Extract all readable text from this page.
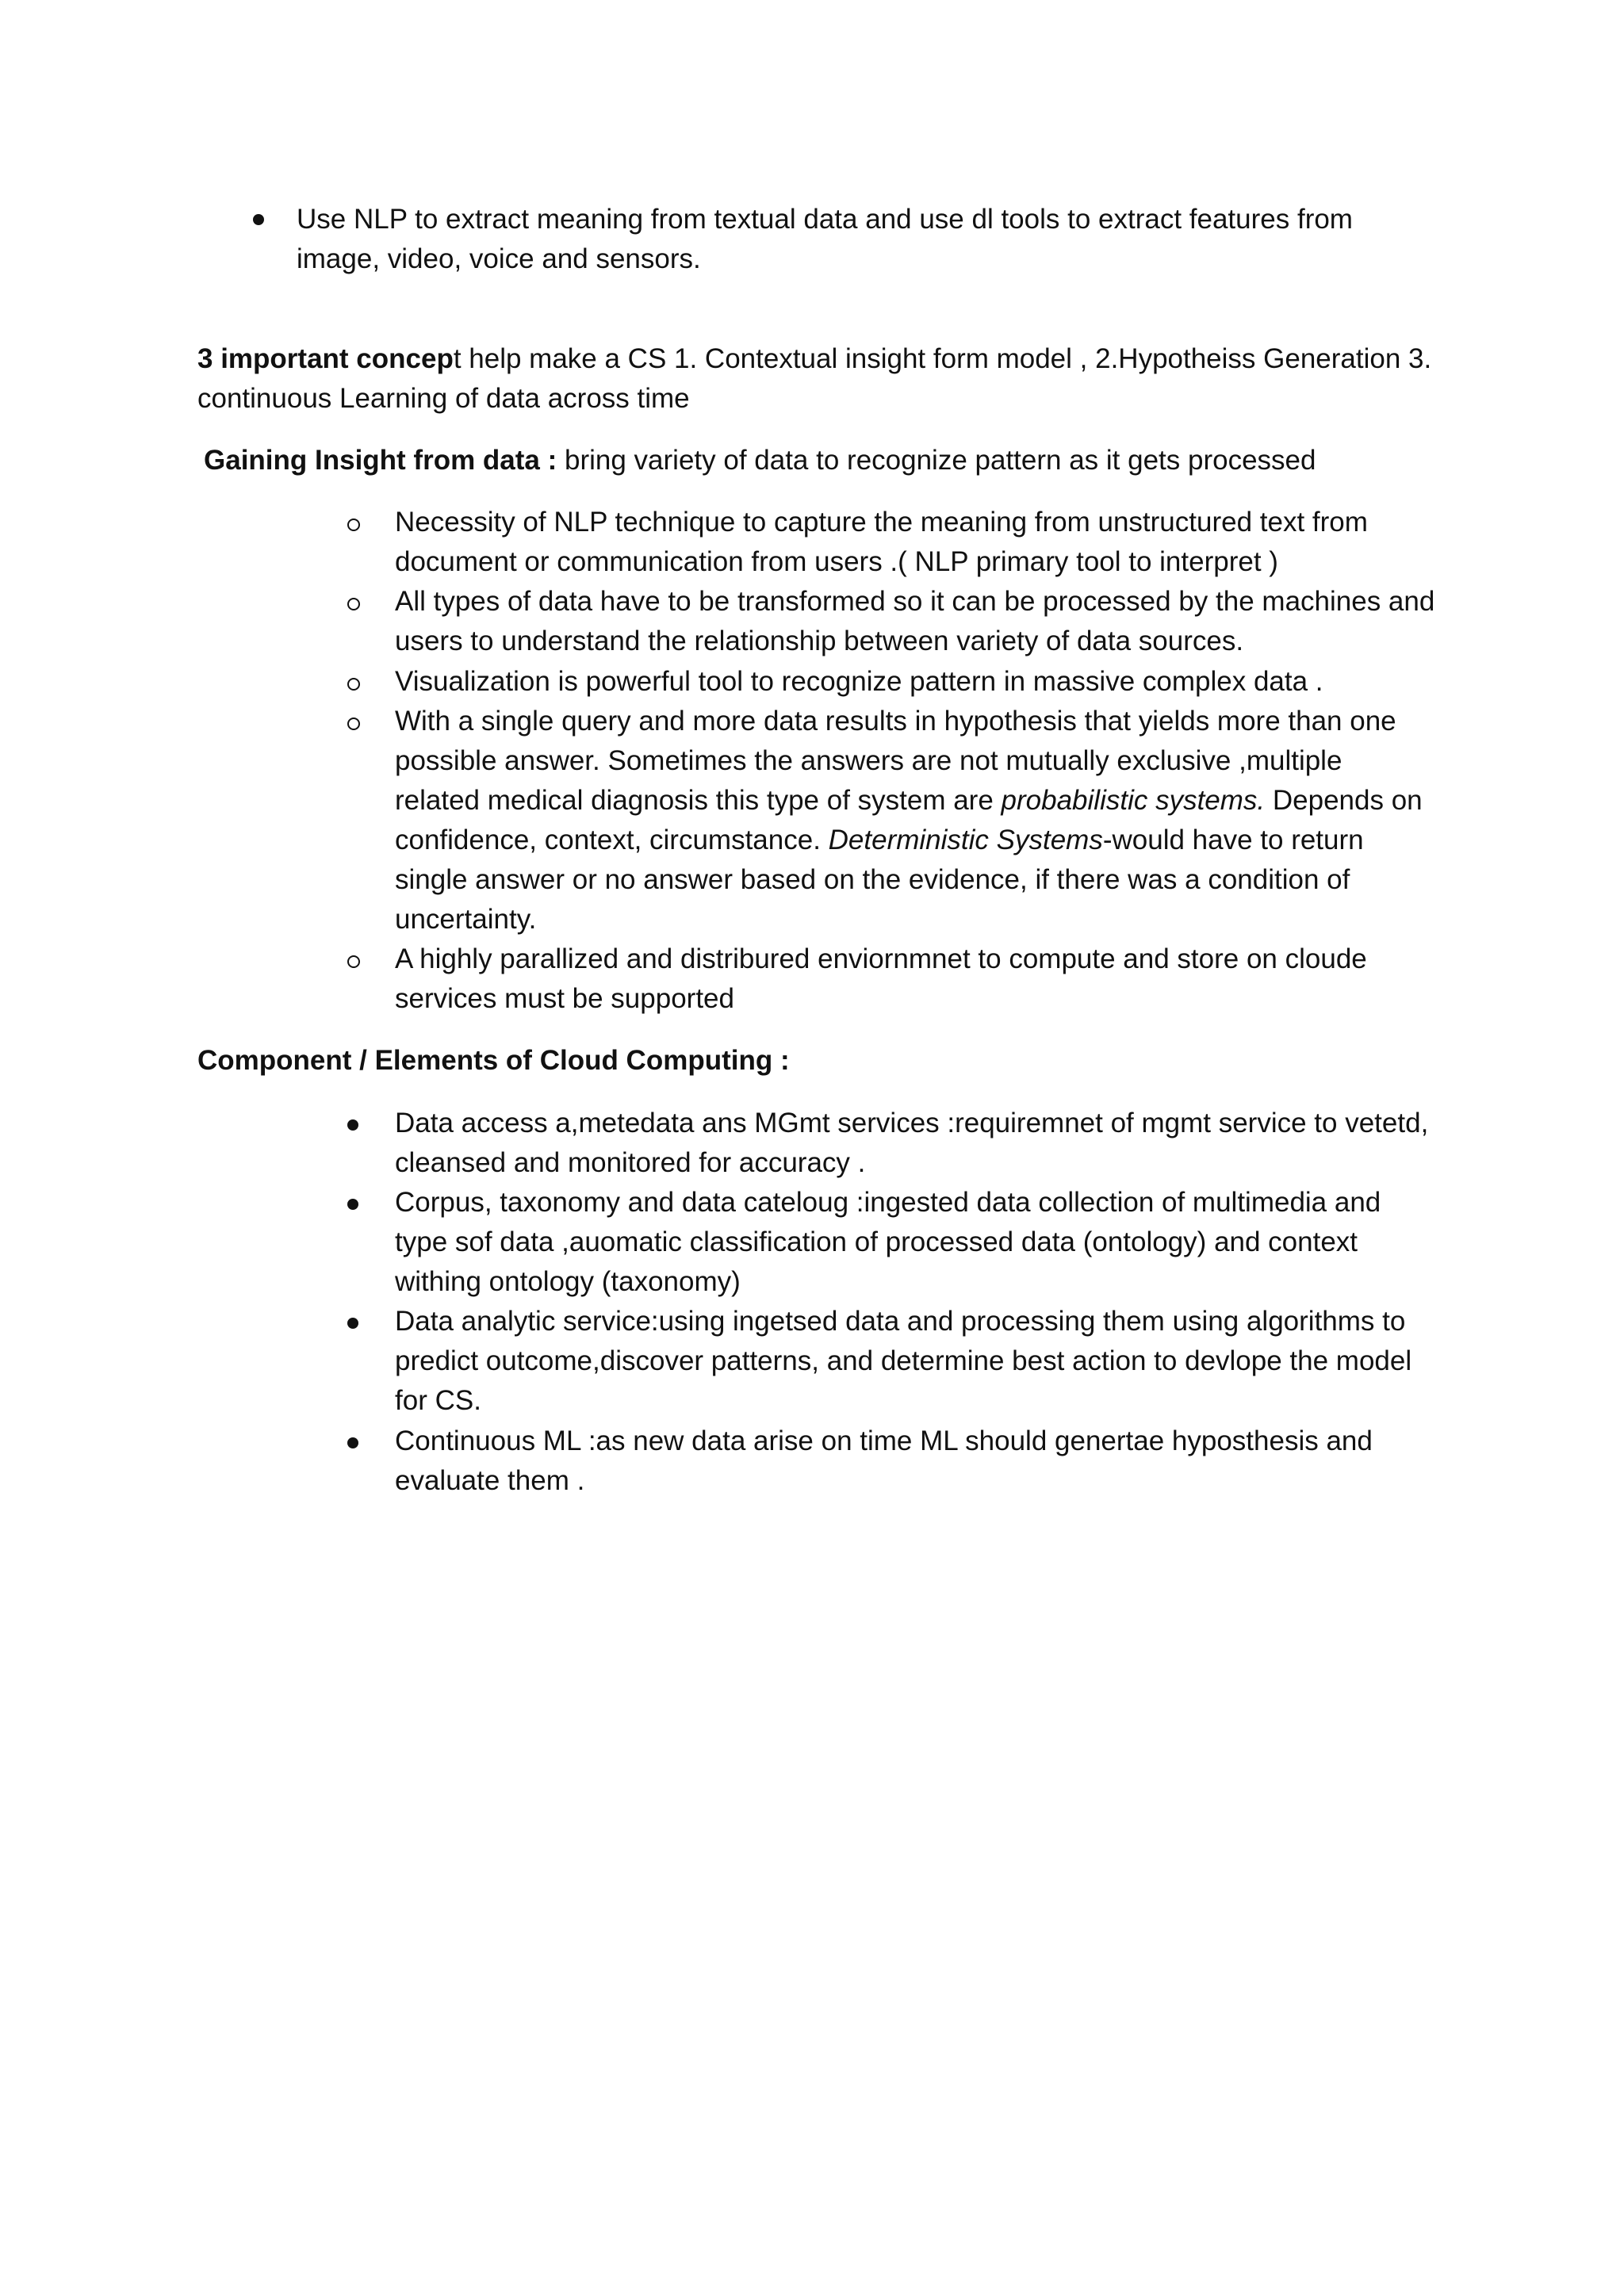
Use NLP to extract meaning from textual data and use dl tools to extract features from
image, video, voice and sensors.
3 important concept help make a CS 1. Contextual insight form model , 2.Hypotheiss Generation 3.
continuous Learning of data across time
Gaining Insight from data : bring variety of data to recognize pattern as it gets processed
Necessity of NLP technique to capture the meaning from unstructured text from
document or communication from users .( NLP primary tool to interpret )
All types of data have to be transformed so it can be processed by the machines and
users to understand the relationship between variety of data sources.
Visualization is powerful tool to recognize pattern in massive complex data .
With a single query and more data results in hypothesis that yields more than one
possible answer. Sometimes the answers are not mutually exclusive ,multiple
related medical diagnosis this type of system are probabilistic systems. Depends on
confidence, context, circumstance. Deterministic Systems-would have to return
single answer or no answer based on the evidence, if there was a condition of
uncertainty.
A highly parallized and distribured enviornmnet to compute and store on cloude
services must be supported
Component / Elements of Cloud Computing :
Data access a,metedata ans MGmt services :requiremnet of mgmt service to vetetd,
cleansed and monitored for accuracy .
Corpus, taxonomy and data cateloug :ingested data collection of multimedia and
type sof data ,auomatic classification of processed data (ontology) and context
withing ontology (taxonomy)
Data analytic service:using ingetsed data and processing them using algorithms to
predict outcome,discover patterns, and determine best action to devlope the model
for CS.
Continuous ML :as new data arise on time ML should genertae hyposthesis and
evaluate them .
